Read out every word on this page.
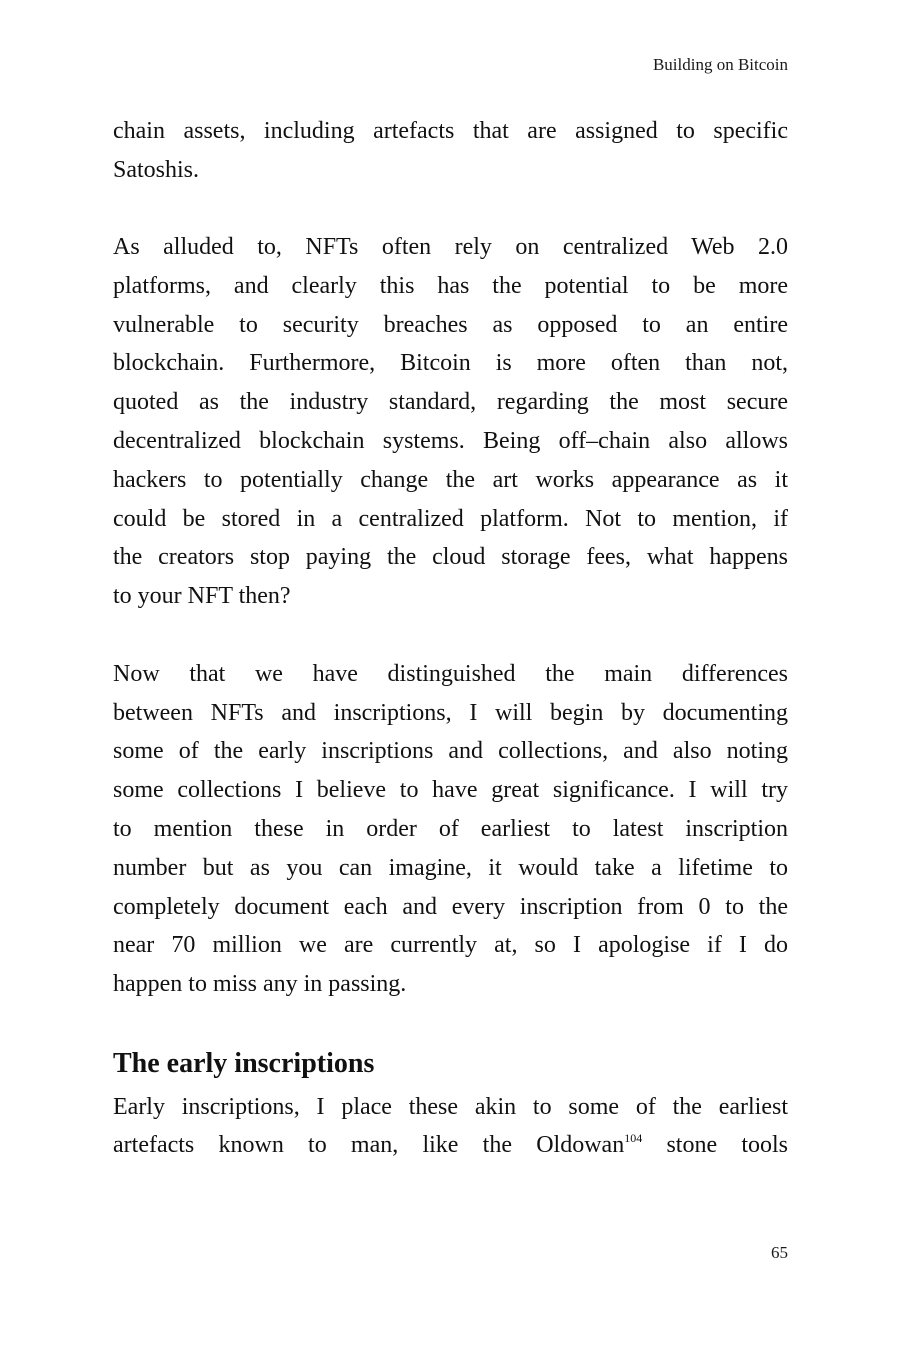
Building on Bitcoin
chain assets, including artefacts that are assigned to specific
Satoshis.
As alluded to, NFTs often rely on centralized Web 2.0
platforms, and clearly this has the potential to be more
vulnerable to security breaches as opposed to an entire
blockchain. Furthermore, Bitcoin is more often than not,
quoted as the industry standard, regarding the most secure
decentralized blockchain systems. Being off–chain also allows
hackers to potentially change the art works appearance as it
could be stored in a centralized platform. Not to mention, if
the creators stop paying the cloud storage fees, what happens
to your NFT then?
Now that we have distinguished the main differences
between NFTs and inscriptions, I will begin by documenting
some of the early inscriptions and collections, and also noting
some collections I believe to have great significance. I will try
to mention these in order of earliest to latest inscription
number but as you can imagine, it would take a lifetime to
completely document each and every inscription from 0 to the
near 70 million we are currently at, so I apologise if I do
happen to miss any in passing.
The early inscriptions
Early inscriptions, I place these akin to some of the earliest
artefacts known to man, like the Oldowan$^{104}$ stone tools
65
